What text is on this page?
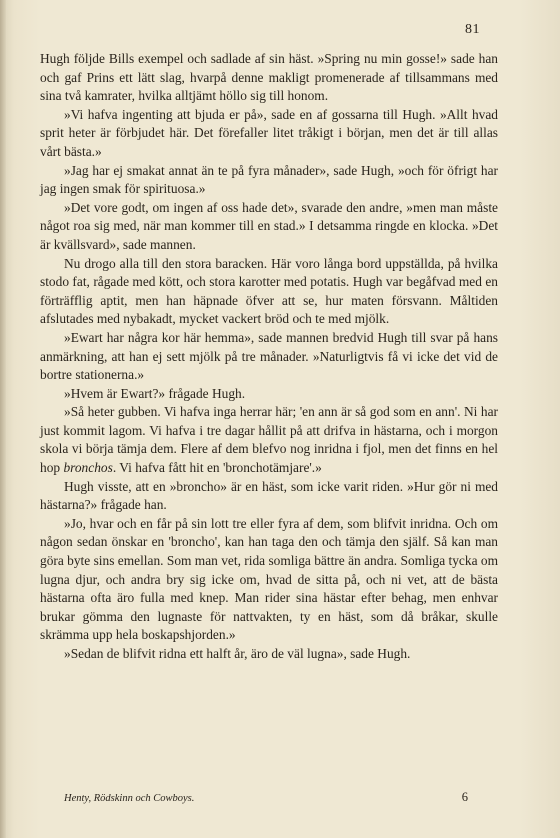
81

Hugh följde Bills exempel och sadlade af sin häst. »Spring nu min gosse!» sade han och gaf Prins ett lätt slag, hvarpå denne makligt promenerade af tillsammans med sina två kamrater, hvilka alltjämt höllo sig till honom.

»Vi hafva ingenting att bjuda er på», sade en af gossarna till Hugh. »Allt hvad sprit heter är förbjudet här. Det förefaller litet tråkigt i början, men det är till allas vårt bästa.»

»Jag har ej smakat annat än te på fyra månader», sade Hugh, »och för öfrigt har jag ingen smak för spirituosa.»

»Det vore godt, om ingen af oss hade det», svarade den andre, »men man måste något roa sig med, när man kommer till en stad.» I detsamma ringde en klocka. »Det är kvällsvard», sade mannen.

Nu drogo alla till den stora baracken. Här voro långa bord uppställda, på hvilka stodo fat, rågade med kött, och stora karotter med potatis. Hugh var begåfvad med en förträfflig aptit, men han häpnade öfver att se, hur maten försvann. Måltiden afslutades med nybakadt, mycket vackert bröd och te med mjölk.

»Ewart har några kor här hemma», sade mannen bredvid Hugh till svar på hans anmärkning, att han ej sett mjölk på tre månader. »Naturligtvis få vi icke det vid de bortre stationerna.»

»Hvem är Ewart?» frågade Hugh.

»Så heter gubben. Vi hafva inga herrar här; 'en ann är så god som en ann'. Ni har just kommit lagom. Vi hafva i tre dagar hållit på att drifva in hästarna, och i morgon skola vi börja tämja dem. Flere af dem blefvo nog inridna i fjol, men det finns en hel hop bronchos. Vi hafva fått hit en 'bronchotämjare'.»

Hugh visste, att en »broncho» är en häst, som icke varit riden. »Hur gör ni med hästarna?» frågade han.

»Jo, hvar och en får på sin lott tre eller fyra af dem, som blifvit inridna. Och om någon sedan önskar en 'broncho', kan han taga den och tämja den själf. Så kan man göra byte sins emellan. Som man vet, rida somliga bättre än andra. Somliga tycka om lugna djur, och andra bry sig icke om, hvad de sitta på, och ni vet, att de bästa hästarna ofta äro fulla med knep. Man rider sina hästar efter behag, men enhvar brukar gömma den lugnaste för nattvakten, ty en häst, som då bråkar, skulle skrämma upp hela boskapshjorden.»

»Sedan de blifvit ridna ett halft år, äro de väl lugna», sade Hugh.

Henty, Rödskinn och Cowboys.	6
